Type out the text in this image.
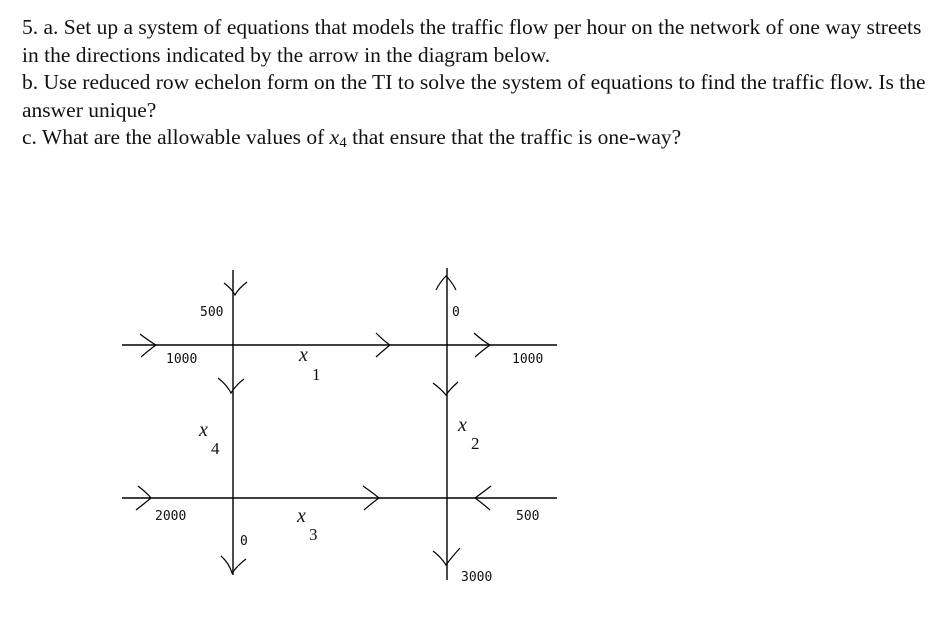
5. a. Set up a system of equations that models the traffic flow per hour on the network of one way streets in the directions indicated by the arrow in the diagram below.

b. Use reduced row echelon form on the TI to solve the system of equations to find the traffic flow. Is the answer unique?

c. What are the allowable values of x4 that ensure that the traffic is one-way?

500
1000
0
1000
2000
0
500
3000
x
1
x
2
x
3
x
4
